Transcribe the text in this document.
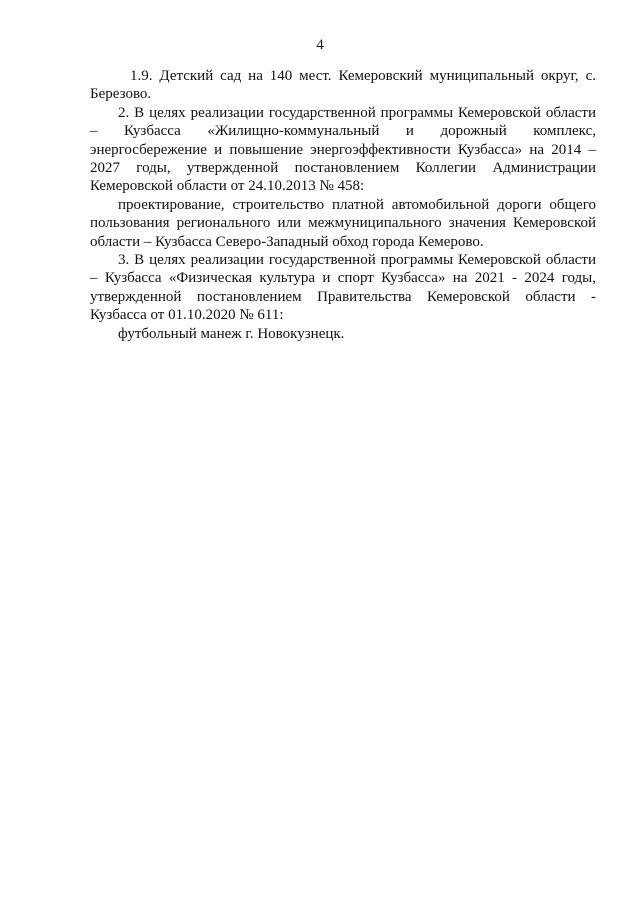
4

1.9. Детский сад на 140 мест. Кемеровский муниципальный округ, с. Березово.

2. В целях реализации государственной программы Кемеровской области – Кузбасса «Жилищно-коммунальный и дорожный комплекс, энергосбережение и повышение энергоэффективности Кузбасса» на 2014 – 2027 годы, утвержденной постановлением Коллегии Администрации Кемеровской области от 24.10.2013 № 458:

проектирование, строительство платной автомобильной дороги общего пользования регионального или межмуниципального значения Кемеровской области – Кузбасса Северо-Западный обход города Кемерово.

3. В целях реализации государственной программы Кемеровской области – Кузбасса «Физическая культура и спорт Кузбасса» на 2021 - 2024 годы, утвержденной постановлением Правительства Кемеровской области - Кузбасса от 01.10.2020 № 611:

футбольный манеж г. Новокузнецк.
